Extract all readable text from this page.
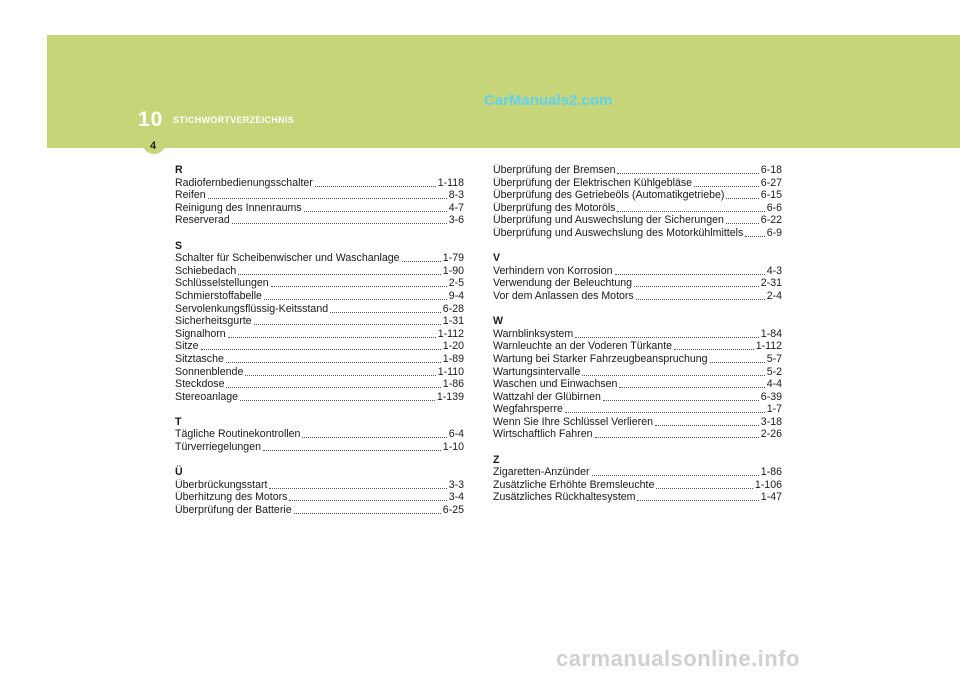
10 STICHWORTVERZEICHNIS
4
CarManuals2.com
R
Radiofernbedienungsschalter	1-118
Reifen	8-3
Reinigung des Innenraums	4-7
Reserverad	3-6
S
Schalter für Scheibenwischer und Waschanlage	1-79
Schiebedach	1-90
Schlüsselstellungen	2-5
Schmierstoffabelle	9-4
Servolenkungsflüssig-Keitsstand	6-28
Sicherheitsgurte	1-31
Signalhorn	1-112
Sitze	1-20
Sitztasche	1-89
Sonnenblende	1-110
Steckdose	1-86
Stereoanlage	1-139
T
Tägliche Routinekontrollen	6-4
Türverriegelungen	1-10
Ü
Überbrückungsstart	3-3
Überhitzung des Motors	3-4
Überprüfung der Batterie	6-25
Überprüfung der Bremsen	6-18
Überprüfung der Elektrischen Kühlgebläse	6-27
Überprüfung des Getriebeöls (Automatikgetriebe)	6-15
Überprüfung des Motoröls	6-6
Überprüfung und Auswechslung der Sicherungen	6-22
Überprüfung und Auswechslung des Motorkühlmittels 6-9
V
Verhindern von Korrosion	4-3
Verwendung der Beleuchtung	2-31
Vor dem Anlassen des Motors	2-4
W
Warnblinksystem	1-84
Warnleuchte an der Voderen Türkante	1-112
Wartung bei Starker Fahrzeugbeanspruchung	5-7
Wartungsintervalle	5-2
Waschen und Einwachsen	4-4
Wattzahl der Glübirnen	6-39
Wegfahrsperre	1-7
Wenn Sie Ihre Schlüssel Verlieren	3-18
Wirtschaftlich Fahren	2-26
Z
Zigaretten-Anzünder	1-86
Zusätzliche Erhöhte Bremsleuchte	1-106
Zusätzliches Rückhaltesystem	1-47
carmanualsonline.info
